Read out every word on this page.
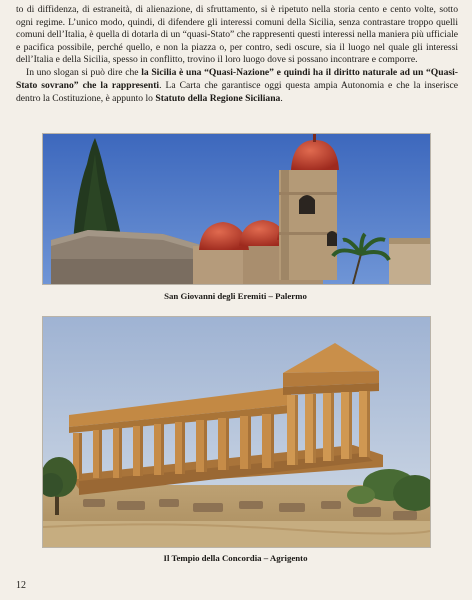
to di diffidenza, di estraneità, di alienazione, di sfruttamento, si è ripetuto nella storia cento e cento volte, sotto ogni regime. L’unico modo, quindi, di difendere gli interessi comuni della Sicilia, senza contrastare troppo quelli comuni dell’Italia, è quella di dotarla di un “quasi-Stato” che rappresenti questi interessi nella maniera più ufficiale e pacifica possibile, perché quello, e non la piazza o, per contro, sedi oscure, sia il luogo nel quale gli interessi dell’Italia e della Sicilia, spesso in conflitto, trovino il loro luogo dove si possano incontrare e comporre.

In uno slogan si può dire che la Sicilia è una “Quasi-Nazione” e quindi ha il diritto naturale ad un “Quasi-Stato sovrano” che la rappresenti. La Carta che garantisce oggi questa ampia Autonomia e che la inserisce dentro la Costituzione, è appunto lo Statuto della Regione Siciliana.

San Giovanni degli Eremiti – Palermo
Il Tempio della Concordia – Agrigento
12
